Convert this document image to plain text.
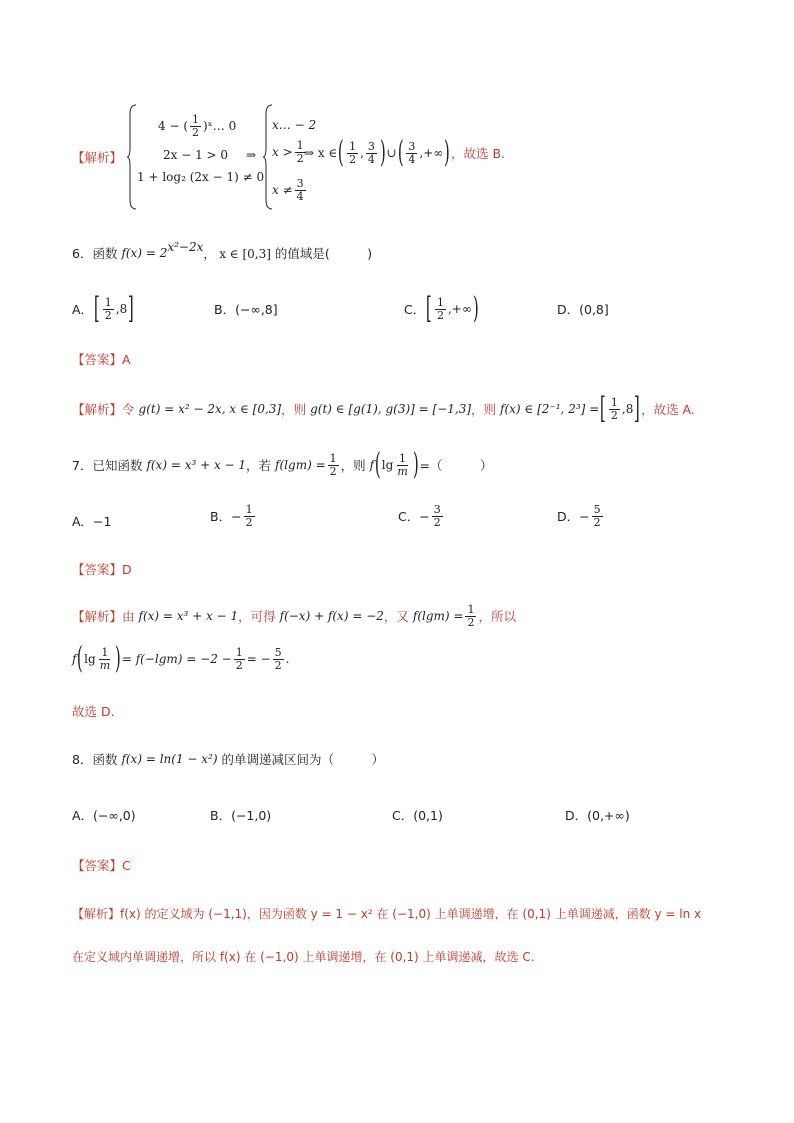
【解析】
4 − ( $\frac{1}{2}$ )ˣ… 0
2x − 1 > 0
1 + log₂ (2x − 1) ≠ 0
⇒
x… − 2
$x > \frac{1}{2}$
$x \ne \frac{3}{4}$
⇒ x ∈ ( $\frac{1}{2}$ , $\frac{3}{4}$ ) ∪ ( $\frac{3}{4}$ ,+∞ ) ，故选 B.
6．函数
$f(x) = 2^{x^2-2x}$ ， x ∈ [0,3]
的值域是(　　　)
A． [ $\frac{1}{2} ,8$ ]	B．(−∞,8]	C． [ $\frac{1}{2}$ ,+∞ )	D．(0,8]
【答案】A
【解析】 令
g(t) = x² − 2x, x ∈ [0,3] ，则
g(t) ∈ [g(1), g(3)] = [−1,3] ，则
f(x) ∈ [2⁻¹, 2³] = [ $\frac{1}{2} ,8$ ] ，故选 A.
7．已知函数
f(x) = x³ + x − 1 ，若
$f(\lg m) = \frac{1}{2}$ ，则
f ( $\lg \frac{1}{m}$ ) =（　　　）
A．−1	B．− $\frac{1}{2}$	C．− $\frac{3}{2}$	D．− $\frac{5}{2}$
【答案】D
【解析】 由
f(x) = x³ + x − 1 ，可得
f(−x) + f(x) = −2 ，又
$f(\lg m) = \frac{1}{2}$ ，所以
f ( $\lg \frac{1}{m}$ ) = $f(-\lg m) = -2 - \frac{1}{2}$ = − $\frac{5}{2}$ .
故选 D.
8．函数
f(x) = ln(1 − x²)
的单调递减区间为（　　　）
A．(−∞,0)	B．(−1,0)	C．(0,1)	D．(0,+∞)
【答案】C
【解析】f(x) 的定义域为 (−1,1)，因为函数 y = 1 − x² 在 (−1,0) 上单调递增，在 (0,1) 上单调递减，函数 y = ln x
在定义域内单调递增，所以 f(x) 在 (−1,0) 上单调递增，在 (0,1) 上单调递减，故选 C.
